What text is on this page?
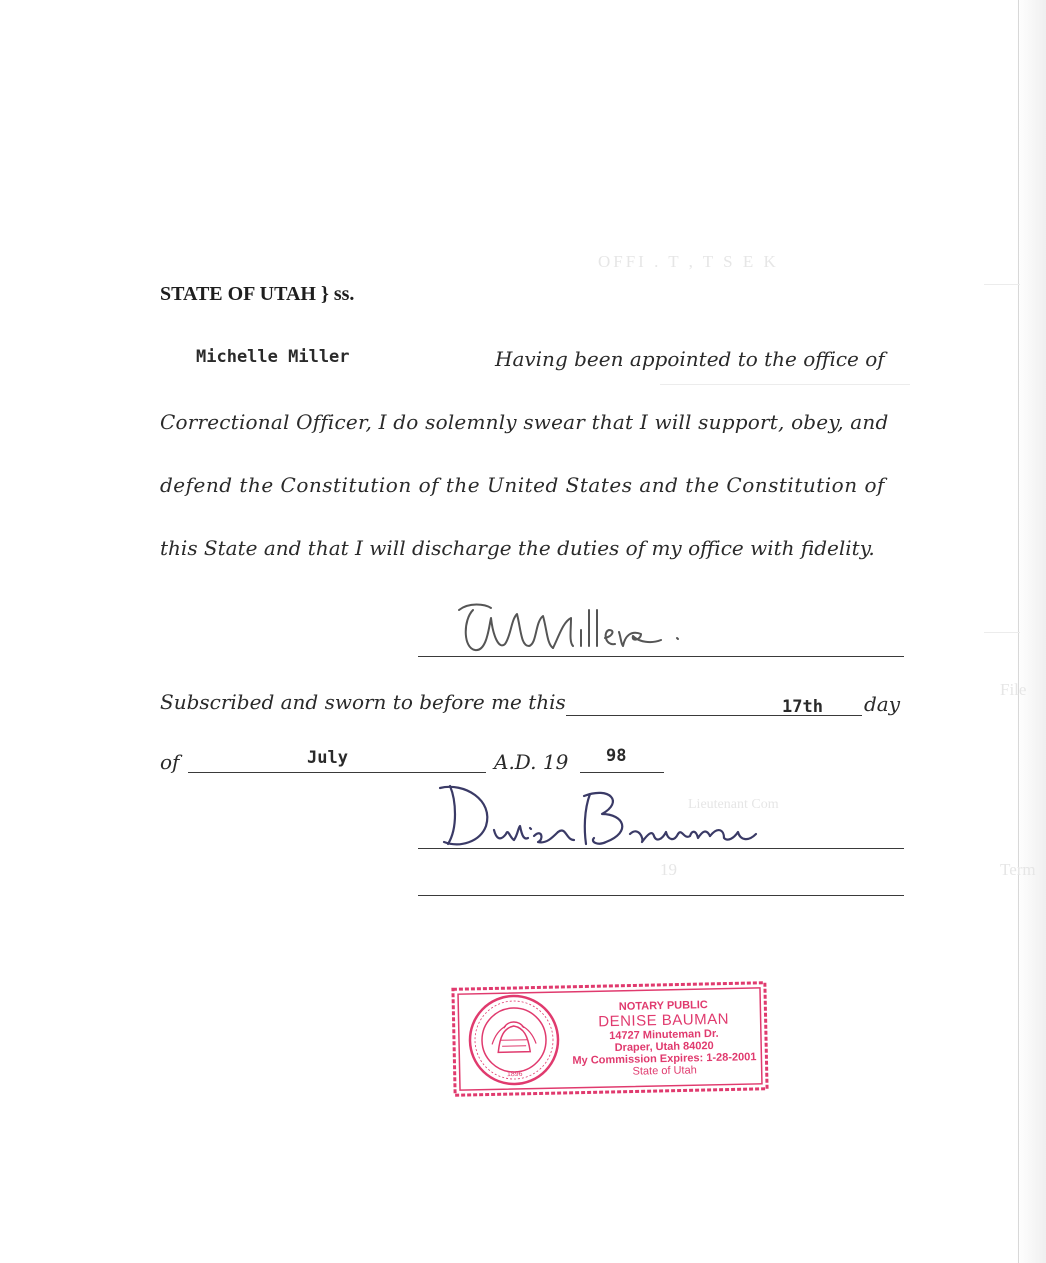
OFFI . T , T S E K
File
Lieutenant Com
Term
19
STATE OF UTAH } ss.
Michelle Miller	Having been appointed to the office of
Correctional Officer, I do solemnly swear that I will support, obey, and
defend the Constitution of the United States and the Constitution of
this State and that I will discharge the duties of my office with fidelity.
Subscribed and sworn to before me this	17th day
of	July	A.D. 19 98
1896
NOTARY PUBLIC
DENISE BAUMAN
14727 Minuteman Dr.
Draper, Utah 84020
My Commission Expires: 1-28-2001
State of Utah
